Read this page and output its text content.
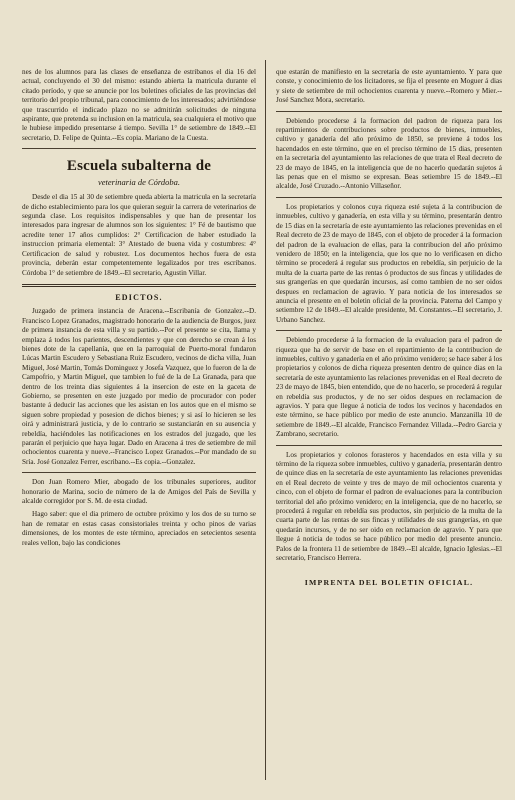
nes de los alumnos para las clases de enseñanza de estribanos el dia 16 del actual, concluyendo el 30 del mismo: estando abierta la matricula durante el citado período, y que se anuncie por los boletines oficiales de las provincias del territorio del propio tribunal, para conocimiento de los interesados; advirtiéndose que trascurrido el indicado plazo no se admitirán solicitudes de ninguna aspirante, que pretenda su inclusion en la matricula, sea cualquiera el motivo que le hubiese impedido presentarse á tiempo. Sevilla 1° de setiembre de 1849.--El secretario, D. Felipe de Quinta.--Es copia. Mariano de la Cuesta.

Escuela subalterna de
veterinaria de Córdoba.

Desde el dia 15 al 30 de setiembre queda abierta la matricula en la secretaría de dicho establecimiento para los que quieran seguir la carrera de veterinarios de segunda clase. Los requisitos indispensables y que han de presentar los interesados para ingresar de alumnos son los siguientes: 1° Fé de bautismo que acredite tener 17 años cumplidos: 2° Certificacion de haber estudiado la instruccion primaria elemental: 3° Atestado de buena vida y costumbres: 4° Certificacion de salud y robustez. Los documentos hechos fuera de esta provincia, deberán estar competentemente legalizados por tres escribanos. Córdoba 1° de setiembre de 1849.--El secretario, Agustin Villar.

EDICTOS.

Juzgado de primera instancia de Aracena.--Escribanía de Gonzalez.--D. Francisco Lopez Granados, magistrado honorario de la audiencia de Burgos, juez de primera instancia de esta villa y su partido.--Por el presente se cita, llama y emplaza á todos los parientes, descendientes y que con derecho se crean á los bienes dote de la capellanía, que en la parroquial de Puerto-moral fundaron Lúcas Martin Escudero y Sebastiana Ruiz Escudero, vecinos de dicha villa, Juan Miguel, José Martin, Tomás Dominguez y Josefa Vazquez, que lo fueron de la de Campofrio, y Martin Miguel, que tambien lo fué de la de La Granada, para que dentro de los treinta dias siguientes á la insercion de este en la gaceta de Gobierno, se presenten en este juzgado por medio de procurador con poder bastante á deducir las acciones que les asistan en los autos que en el mismo se siguen sobre propiedad y posesion de dichos bienes; y si así lo hicieren se les oirá y administrará justicia, y de lo contrario se sustanciarán en su ausencia y rebeldía, haciéndoles las notificaciones en los estrados del juzgado, que les pararán el perjuicio que haya lugar. Dado en Aracena á tres de setiembre de mil ochocientos cuarenta y nueve.--Francisco Lopez Granados.--Por mandado de su Sría. José Gonzalez Ferrer, escribano.--Es copia.--Gonzalez.

Don Juan Romero Mier, abogado de los tribunales superiores, auditor honorario de Marina, socio de número de la de Amigos del País de Sevilla y alcalde corregidor por S. M. de esta ciudad.

Hago saber: que el dia primero de octubre próximo y los dos de su turno se han de rematar en estas casas consistoriales treinta y ocho pinos de varias dimensiones, de los montes de este término, apreciados en setecientos sesenta reales vellon, bajo las condiciones

que estarán de manifiesto en la secretaría de este ayuntamiento. Y para que conste, y conocimiento de los licitadores, se fija el presente en Moguer á dias y siete de setiembre de mil ochocientos cuarenta y nueve.--Romero y Mier.--José Sanchez Mora, secretario.

Debiendo procederse á la formacion del padron de riqueza para los repartimientos de contribuciones sobre productos de bienes, inmuebles, cultivo y ganadería del año próximo de 1850, se previene á todos los hacendados en este término, que en el preciso término de 15 dias, presenten en la secretaría del ayuntamiento las relaciones de que trata el Real decreto de 23 de mayo de 1845, en la inteligencia que de no hacerlo quedarán sujetos á las penas que en el mismo se expresan. Beas setiembre 15 de 1849.--El alcalde, José Cruzado.--Antonio Villaseñor.

Los propietarios y colonos cuya riqueza esté sujeta á la contribucion de inmuebles, cultivo y ganadería, en esta villa y su término, presentarán dentro de 15 dias en la secretaría de este ayuntamiento las relaciones prevenidas en el Real decreto de 23 de mayo de 1845, con el objeto de proceder á la formacion del padron de la evaluacion de ellas, para la contribucion del año próximo venidero de 1850; en la inteligencia, que los que no lo verificasen en dicho término se procederá á regular sus productos en rebeldía, sin perjuicio de la multa de la cuarta parte de las rentas ó productos de sus fincas y utilidades de sus grangerías en que quedarán incursos, así como tambien de no ser oidos despues en reclamacion de agravio. Y para noticia de los interesados se anuncia el presente en el boletin oficial de la provincia. Paterna del Campo y setiembre 12 de 1849.--El alcalde presidente, M. Constantes.--El secretario, J. Urbano Sanchez.

Debiendo procederse á la formacion de la evaluacion para el padron de riqueza que ha de servir de base en el repartimiento de la contribucion de inmuebles, cultivo y ganadería en el año próximo venidero; se hace saber á los propietarios y colonos de dicha riqueza presenten dentro de quince dias en la secretaría de este ayuntamiento las relaciones prevenidas en el Real decreto de 23 de mayo de 1845, bien entendido, que de no hacerlo, se procederá á regular en rebeldía sus productos, y de no ser oidos despues en reclamacion de agravios. Y para que llegue á noticia de todos los vecinos y hacendados en este término, se hace público por medio de este anuncio. Manzanilla 10 de setiembre de 1849.--El alcalde, Francisco Fernandez Villada.--Pedro Garcia y Zambrano, secretario.

Los propietarios y colonos forasteros y hacendados en esta villa y su término de la riqueza sobre inmuebles, cultivo y ganadería, presentarán dentro de quince dias en la secretaría de este ayuntamiento las relaciones prevenidas en el Real decreto de veinte y tres de mayo de mil ochocientos cuarenta y cinco, con el objeto de formar el padron de evaluaciones para la contribucion territorial del año próximo venidero; en la inteligencia, que de no hacerlo, se procederá á regular en rebeldía sus productos, sin perjuicio de la multa de la cuarta parte de las rentas de sus fincas y utilidades de sus grangerías, en que quedarán incursos, y de no ser oido en reclamacion de agravio. Y para que llegue á noticia de todos se hace público por medio del presente anuncio. Palos de la frontera 11 de setiembre de 1849.--El alcalde, Ignacio Iglesias.--El secretario, Francisco Herrera.

IMPRENTA DEL BOLETIN OFICIAL.
